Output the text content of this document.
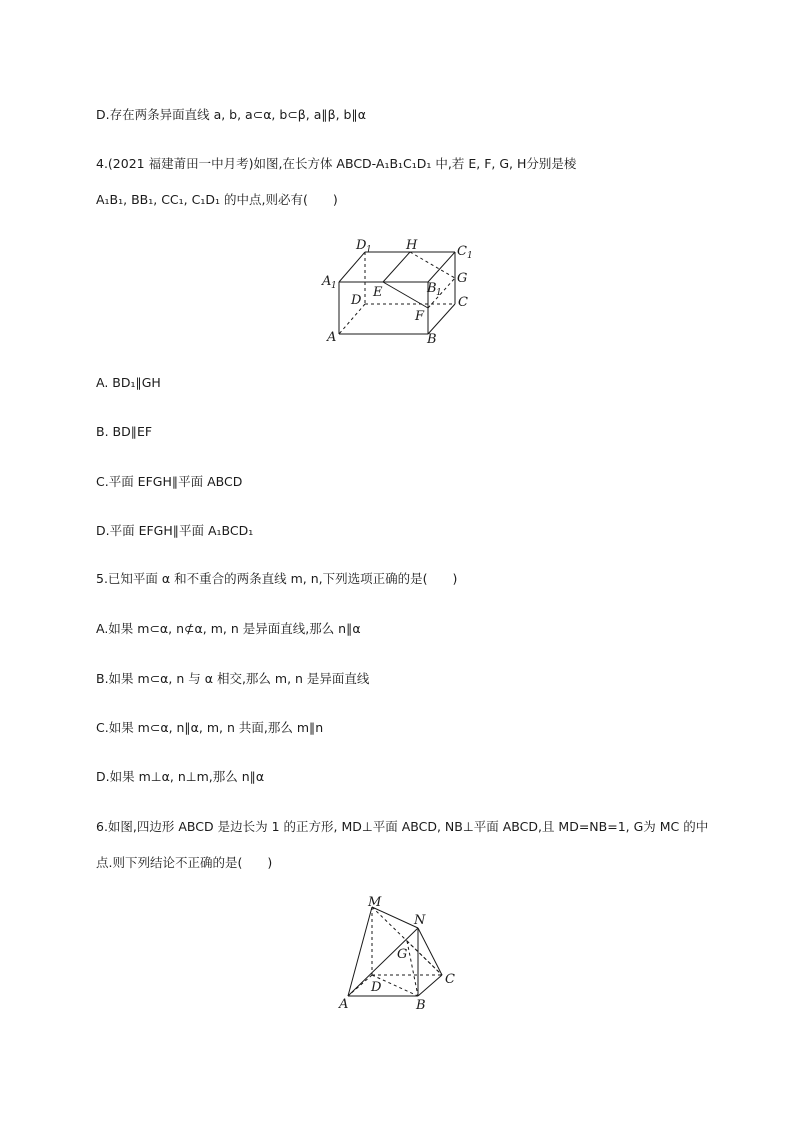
D.存在两条异面直线 a, b, a⊂α, b⊂β, a∥β, b∥α
4.(2021 福建莆田一中月考)如图,在长方体 ABCD-A₁B₁C₁D₁ 中,若 E, F, G, H分别是棱
A₁B₁, BB₁, CC₁, C₁D₁ 的中点,则必有(　　)
D 1	H	C 1
G
A 1
D
E	B 1
C
F
A	B
A. BD₁∥GH
B. BD∥EF
C.平面 EFGH∥平面 ABCD
D.平面 EFGH∥平面 A₁BCD₁
5.已知平面 α 和不重合的两条直线 m, n,下列选项正确的是(　　)
A.如果 m⊂α, n⊄α, m, n 是异面直线,那么 n∥α
B.如果 m⊂α, n 与 α 相交,那么 m, n 是异面直线
C.如果 m⊂α, n∥α, m, n 共面,那么 m∥n
D.如果 m⊥α, n⊥m,那么 n∥α
6.如图,四边形 ABCD 是边长为 1 的正方形, MD⊥平面 ABCD, NB⊥平面 ABCD,且 MD=NB=1, G为 MC 的中
点.则下列结论不正确的是(　　)
M
N
G
D
C
A	B
